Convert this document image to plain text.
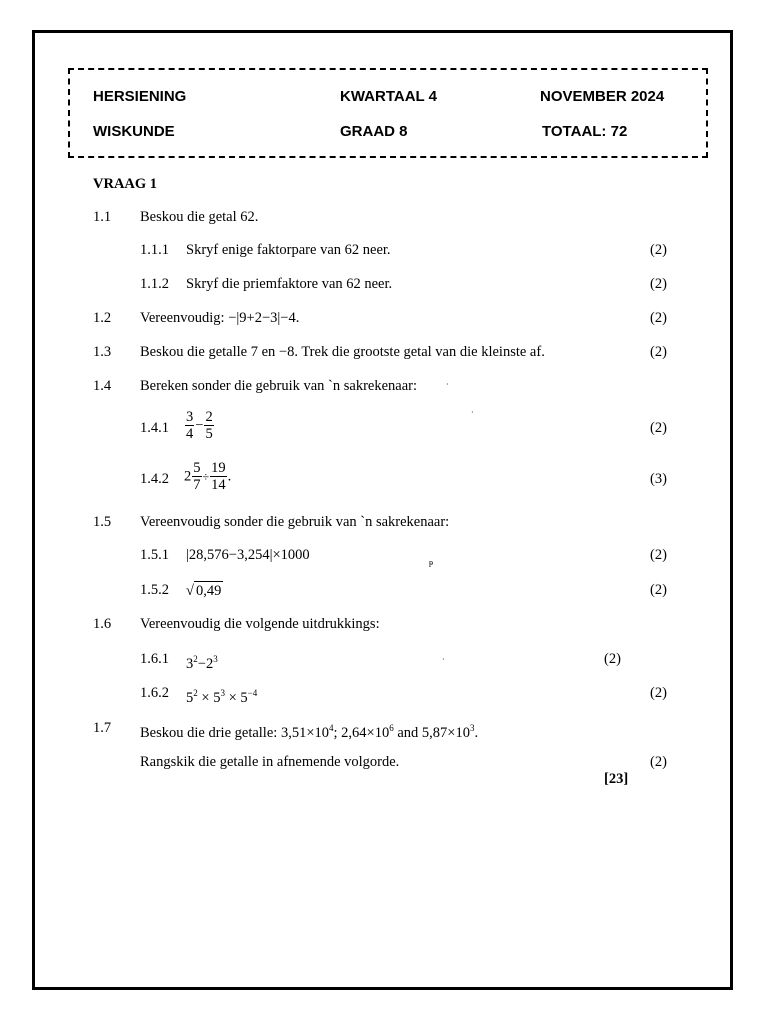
HERSIENING	KWARTAAL 4	NOVEMBER 2024
WISKUNDE	GRAAD 8	TOTAAL: 72
VRAAG 1
1.1 Beskou die getal 62.
1.1.1 Skryf enige faktorpare van 62 neer.	(2)
1.1.2 Skryf die priemfaktore van 62 neer.	(2)
1.2 Vereenvoudig: −|9+2−3|−4.	(2)
1.3 Beskou die getalle 7 en −8. Trek die grootste getal van die kleinste af.	(2)
1.4 Bereken sonder die gebruik van `n sakrekenaar:	·
·
$1.4.1 \frac{3}{4} - \frac{2}{5}$	(2)
1.4.2 $2 \frac{5}{7} \div \frac{19}{14}$ .	(3)
1.5 Vereenvoudig sonder die gebruik van `n sakrekenaar:
1.5.1 |28,576−3,254|×1000	(2)
ᵽ
1.5.2 √ 0,49	(2)
1.6 Vereenvoudig die volgende uitdrukkings:
1.6.1 $3^2-2^3$	·	(2)
1.6.2 $5^2 \times 5^3 \times 5^{-4}$	(2)
1.7 Beskou die drie getalle: $3,51\times 10^4$; $2,64\times 10^6$ and $5,87\times 10^3$.
Rangskik die getalle in afnemende volgorde.	(2)
[23]
